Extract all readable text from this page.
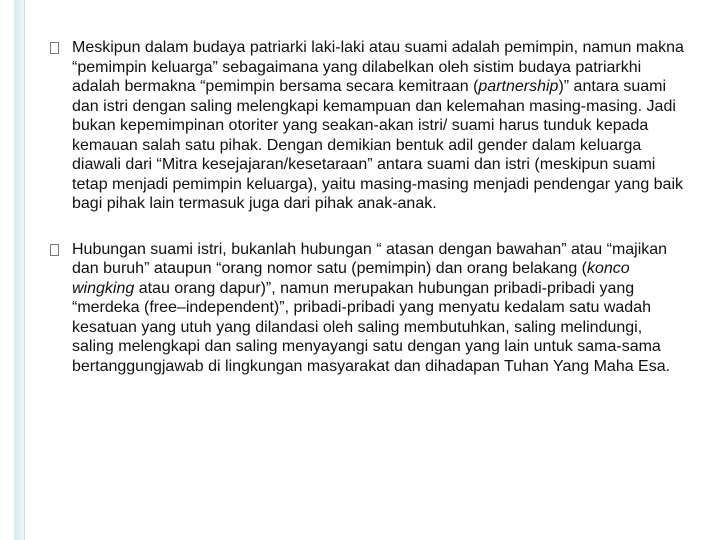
Meskipun dalam budaya patriarki laki-laki atau suami adalah pemimpin, namun makna “pemimpin keluarga” sebagaimana yang dilabelkan oleh sistim budaya patriarkhi adalah bermakna “pemimpin bersama secara kemitraan (partnership)” antara suami dan istri dengan saling melengkapi kemampuan dan kelemahan masing-masing. Jadi bukan kepemimpinan otoriter yang seakan-akan istri/ suami harus tunduk kepada kemauan salah satu pihak. Dengan demikian bentuk adil gender dalam keluarga diawali dari “Mitra kesejajaran/kesetaraan” antara suami dan istri (meskipun suami tetap menjadi pemimpin keluarga), yaitu masing-masing menjadi pendengar yang baik bagi pihak lain termasuk juga dari pihak anak-anak.

Hubungan suami istri, bukanlah hubungan “ atasan dengan bawahan” atau “majikan dan buruh” ataupun “orang nomor satu (pemimpin) dan orang belakang (konco wingking atau orang dapur)”, namun merupakan hubungan pribadi-pribadi yang “merdeka (free–independent)”, pribadi-pribadi yang menyatu kedalam satu wadah kesatuan yang utuh yang dilandasi oleh saling membutuhkan, saling melindungi, saling melengkapi dan saling menyayangi satu dengan yang lain untuk sama-sama bertanggungjawab di lingkungan masyarakat dan dihadapan Tuhan Yang Maha Esa.
